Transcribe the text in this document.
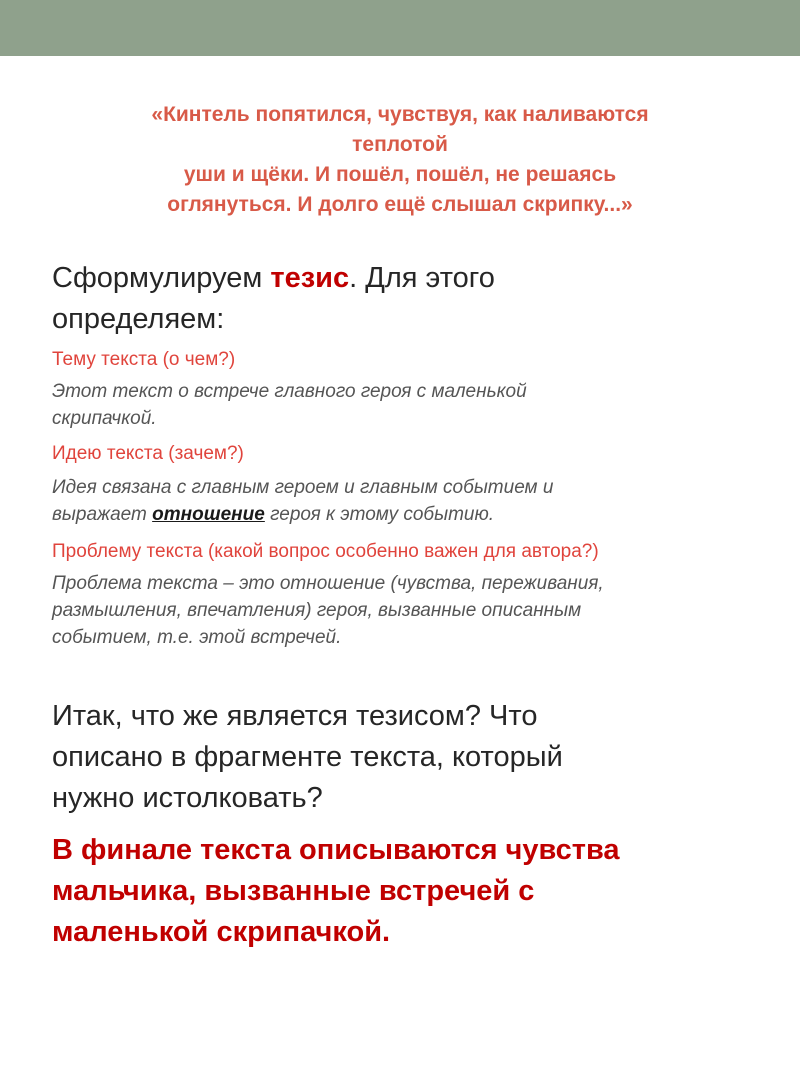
«Кинтель попятился, чувствуя, как наливаются
теплотой
уши и щёки. И пошёл, пошёл, не решаясь
оглянуться. И долго ещё слышал скрипку...»
Сформулируем тезис. Для этого
определяем:
Тему текста (о чем?)
Этот текст о встрече главного героя с маленькой
скрипачкой.
Идею текста (зачем?)
Идея связана с главным героем и главным событием и
выражает отношение героя к этому событию.
Проблему текста (какой вопрос особенно важен для автора?)
Проблема текста – это отношение (чувства, переживания,
размышления, впечатления) героя, вызванные описанным
событием, т.е. этой встречей.
Итак, что же является тезисом? Что
описано в фрагменте текста, который
нужно истолковать?
В финале текста описываются чувства
мальчика, вызванные встречей с
маленькой скрипачкой.
